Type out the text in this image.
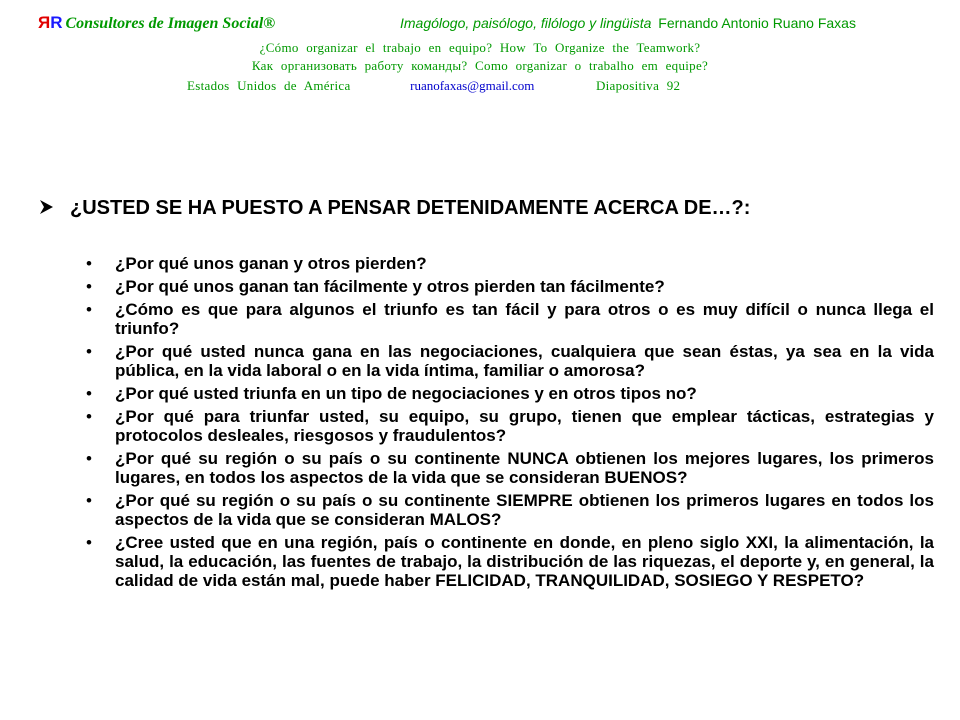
ЯR Consultores de Imagen Social®	Imagólogo, paisólogo, filólogo y lingüista Fernando Antonio Ruano Faxas
¿Cómo organizar el trabajo en equipo? How To Organize the Teamwork?
Как организовать работу команды? Como organizar o trabalho em equipe?
Estados Unidos de América	ruanofaxas@gmail.com	Diapositiva 92
¿USTED SE HA PUESTO A PENSAR DETENIDAMENTE ACERCA DE…?:
• ¿Por qué unos ganan y otros pierden?
• ¿Por qué unos ganan tan fácilmente y otros pierden tan fácilmente?
• ¿Cómo es que para algunos el triunfo es tan fácil y para otros o es muy difícil o nunca llega el triunfo?
• ¿Por qué usted nunca gana en las negociaciones, cualquiera que sean éstas, ya sea en la vida pública, en la vida laboral o en la vida íntima, familiar o amorosa?
• ¿Por qué usted triunfa en un tipo de negociaciones y en otros tipos no?
• ¿Por qué para triunfar usted, su equipo, su grupo, tienen que emplear tácticas, estrategias y protocolos desleales, riesgosos y fraudulentos?
• ¿Por qué su región o su país o su continente NUNCA obtienen los mejores lugares, los primeros lugares, en todos los aspectos de la vida que se consideran BUENOS?
• ¿Por qué su región o su país o su continente SIEMPRE obtienen los primeros lugares en todos los aspectos de la vida que se consideran MALOS?
• ¿Cree usted que en una región, país o continente en donde, en pleno siglo XXI, la alimentación, la salud, la educación, las fuentes de trabajo, la distribución de las riquezas, el deporte y, en general, la calidad de vida están mal, puede haber FELICIDAD, TRANQUILIDAD, SOSIEGO Y RESPETO?
